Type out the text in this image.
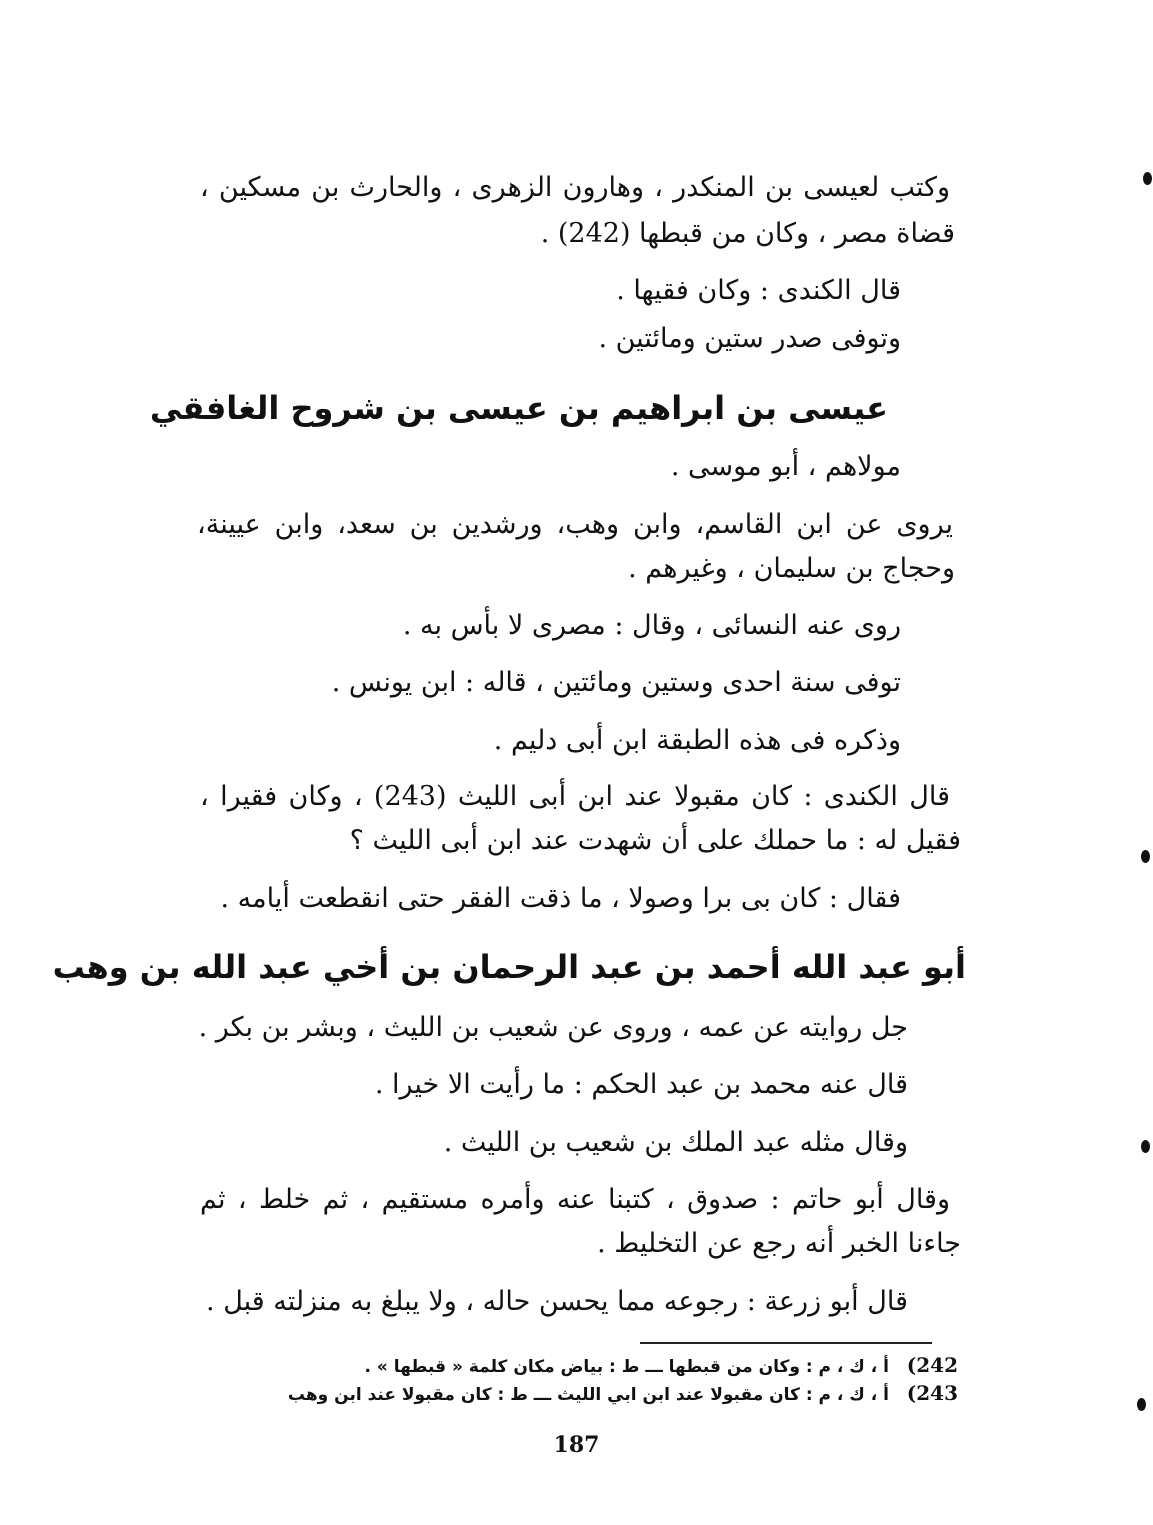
وكتب لعيسى بن المنكدر ، وهارون الزهرى ، والحارث بن مسكين ،
قضاة مصر ، وكان من قبطها (242) .
قال الكندى : وكان فقيها .
وتوفى صدر ستين ومائتين .
عيسى بن ابراهيم بن عيسى بن شروح الغافقي
مولاهم ، أبو موسى .
يروى عن ابن القاسم، وابن وهب، ورشدين بن سعد، وابن عيينة،
وحجاج بن سليمان ، وغيرهم .
روى عنه النسائى ، وقال : مصرى لا بأس به .
توفى سنة احدى وستين ومائتين ، قاله : ابن يونس .
وذكره فى هذه الطبقة ابن أبى دليم .
قال الكندى : كان مقبولا عند ابن أبى الليث (243) ، وكان فقيرا ،
فقيل له : ما حملك على أن شهدت عند ابن أبى الليث ؟
فقال : كان بى برا وصولا ، ما ذقت الفقر حتى انقطعت أيامه .
أبو عبد الله أحمد بن عبد الرحمان بن أخي عبد الله بن وهب
جل روايته عن عمه ، وروى عن شعيب بن الليث ، وبشر بن بكر .
قال عنه محمد بن عبد الحكم : ما رأيت الا خيرا .
وقال مثله عبد الملك بن شعيب بن الليث .
وقال أبو حاتم : صدوق ، كتبنا عنه وأمره مستقيم ، ثم خلط ، ثم
جاءنا الخبر أنه رجع عن التخليط .
قال أبو زرعة : رجوعه مما يحسن حاله ، ولا يبلغ به منزلته قبل .
242)   أ ، ك ، م : وكان من قبطها ـــ ط : بياض مكان كلمة « قبطها » .
243)   أ ، ك ، م : كان مقبولا عند ابن ابي الليث ـــ ط : كان مقبولا عند ابن وهب
187
